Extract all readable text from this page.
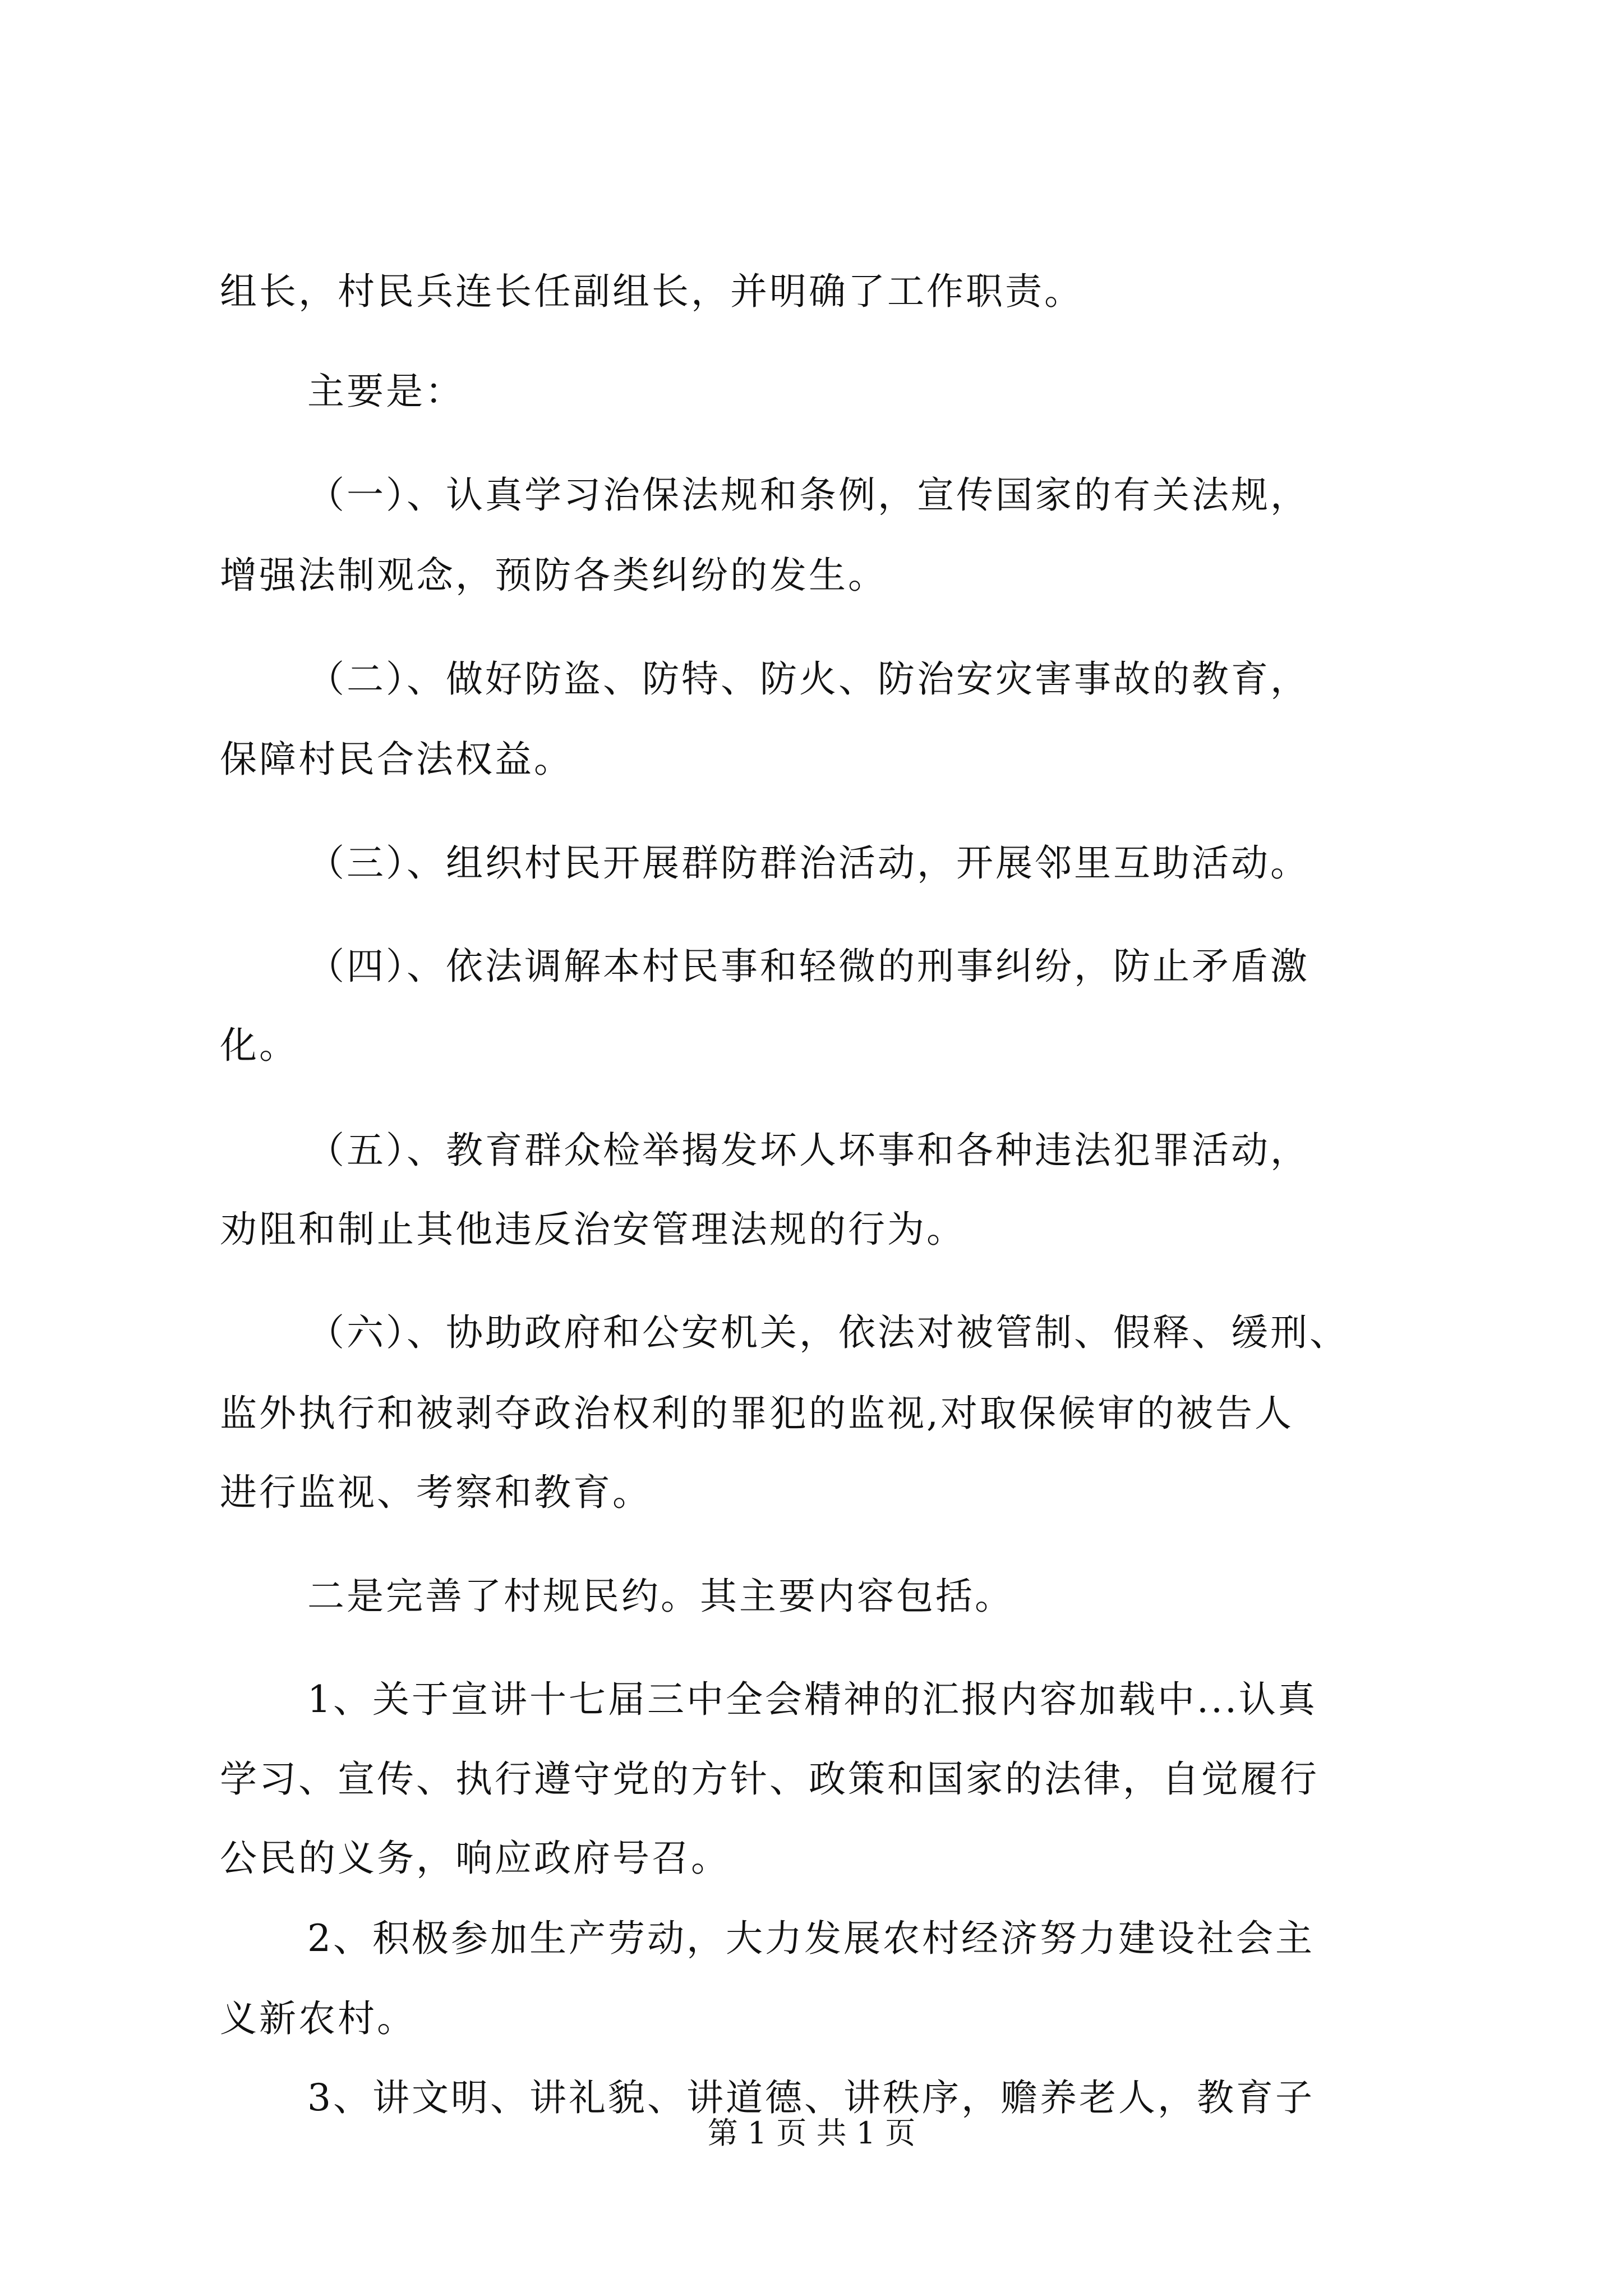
组长，村民兵连长任副组长，并明确了工作职责。
主要是：
（一）、认真学习治保法规和条例，宣传国家的有关法规，
增强法制观念，预防各类纠纷的发生。
（二）、做好防盗、防特、防火、防治安灾害事故的教育，
保障村民合法权益。
（三）、组织村民开展群防群治活动，开展邻里互助活动。
（四）、依法调解本村民事和轻微的刑事纠纷，防止矛盾激
化。
（五）、教育群众检举揭发坏人坏事和各种违法犯罪活动，
劝阻和制止其他违反治安管理法规的行为。
（六）、协助政府和公安机关，依法对被管制、假释、缓刑、
监外执行和被剥夺政治权利的罪犯的监视,对取保候审的被告人
进行监视、考察和教育。
二是完善了村规民约。其主要内容包括。
1、关于宣讲十七届三中全会精神的汇报内容加载中...认真
学习、宣传、执行遵守党的方针、政策和国家的法律，自觉履行
公民的义务，响应政府号召。
2、积极参加生产劳动，大力发展农村经济努力建设社会主
义新农村。
3、讲文明、讲礼貌、讲道德、讲秩序，赡养老人，教育子
第 1 页 共 1 页
